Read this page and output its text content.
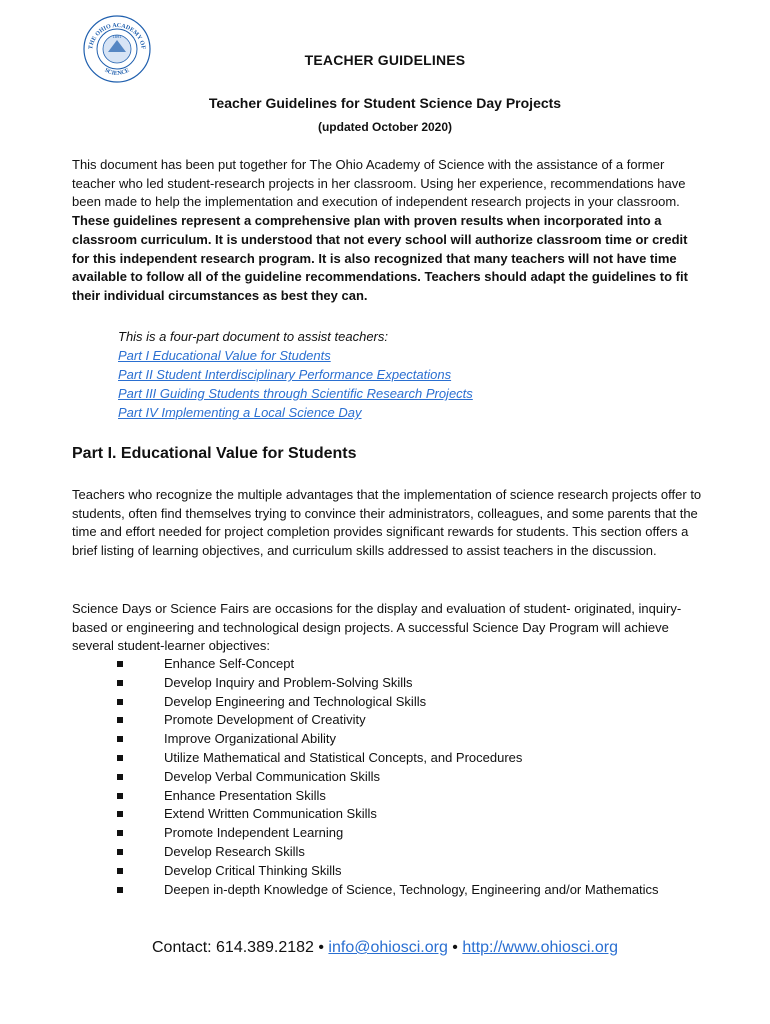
THE OHIO ACADEMY OF
SCIENCE
1891
TEACHER GUIDELINES
Teacher Guidelines for Student Science Day Projects
(updated October 2020)
This document has been put together for The Ohio Academy of Science with the assistance of a former teacher who led student-research projects in her classroom. Using her experience, recommendations have been made to help the implementation and execution of independent research projects in your classroom. These guidelines represent a comprehensive plan with proven results when incorporated into a classroom curriculum. It is understood that not every school will authorize classroom time or credit for this independent research program. It is also recognized that many teachers will not have time available to follow all of the guideline recommendations. Teachers should adapt the guidelines to fit their individual circumstances as best they can.
This is a four-part document to assist teachers:
Part I Educational Value for Students
Part II Student Interdisciplinary Performance Expectations
Part III Guiding Students through Scientific Research Projects
Part IV Implementing a Local Science Day
Part I. Educational Value for Students
Teachers who recognize the multiple advantages that the implementation of science research projects offer to students, often find themselves trying to convince their administrators, colleagues, and some parents that the time and effort needed for project completion provides significant rewards for students. This section offers a brief listing of learning objectives, and curriculum skills addressed to assist teachers in the discussion.
Science Days or Science Fairs are occasions for the display and evaluation of student- originated, inquiry-based or engineering and technological design projects. A successful Science Day Program will achieve several student-learner objectives:
Enhance Self-Concept
Develop Inquiry and Problem-Solving Skills
Develop Engineering and Technological Skills
Promote Development of Creativity
Improve Organizational Ability
Utilize Mathematical and Statistical Concepts, and Procedures
Develop Verbal Communication Skills
Enhance Presentation Skills
Extend Written Communication Skills
Promote Independent Learning
Develop Research Skills
Develop Critical Thinking Skills
Deepen in-depth Knowledge of Science, Technology, Engineering and/or Mathematics
Contact: 614.389.2182 • info@ohiosci.org • http://www.ohiosci.org
